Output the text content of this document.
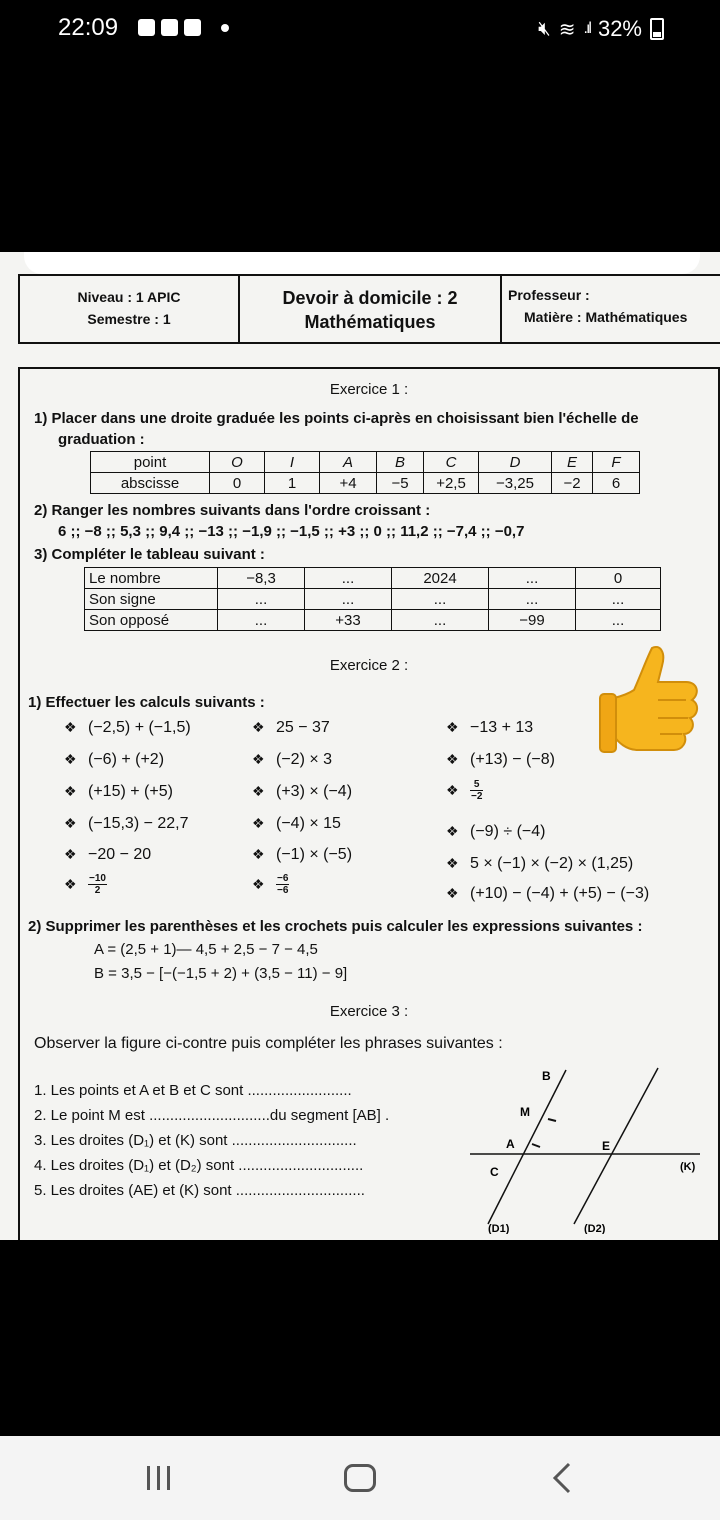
22:09	🔇︎ ≋ .ıl 32%
Niveau : 1 APIC
Semestre : 1
Devoir à domicile : 2
Mathématiques
Professeur :
Matière : Mathématiques
Exercice 1 :
1) Placer dans une droite graduée les points ci-après en choisissant bien l'échelle de
graduation :
point	O	I	A	B	C	D	E	F
abscisse	0	1	+4	−5	+2,5	−3,25	−2	6
2) Ranger les nombres suivants dans l'ordre croissant :
6 ;; −8 ;; 5,3 ;; 9,4 ;; −13 ;; −1,9 ;; −1,5 ;; +3 ;; 0 ;; 11,2 ;; −7,4 ;; −0,7
3) Compléter le tableau suivant :
Le nombre	−8,3	...	2024	...	0
Son signe	...	...	...	...	...
Son opposé	...	+33	...	−99	...
Exercice 2 :
1) Effectuer les calculs suivants :
❖ (−2,5) + (−1,5)
❖ (−6) + (+2)
❖ (+15) + (+5)
❖ (−15,3) − 22,7
❖ −20 − 20
❖ $\frac{-10}{2}$
❖ 25 − 37
❖ (−2) × 3
❖ (+3) × (−4)
❖ (−4) × 15
❖ (−1) × (−5)
❖ $\frac{-6}{-6}$
❖ −13 + 13
❖ (+13) − (−8)
❖ $\frac{5}{-2}$
❖ (−9) ÷ (−4)
❖ 5 × (−1) × (−2) × (1,25)
❖ (+10) − (−4) + (+5) − (−3)
2) Supprimer les parenthèses et les crochets puis calculer les expressions suivantes :
A = (2,5 + 1)— 4,5 + 2,5 − 7 − 4,5
B = 3,5 − [−(−1,5 + 2) + (3,5 − 11) − 9]
Exercice 3 :
Observer la figure ci-contre puis compléter les phrases suivantes :
1. Les points et A et B et C sont .........................
2. Le point M est .............................du segment [AB] .
3. Les droites (D₁) et (K) sont ..............................
4. Les droites (D₁) et (D₂) sont ..............................
5. Les droites (AE) et (K) sont ...............................
B
M
A	E
C	(K)
(D1)	(D2)
